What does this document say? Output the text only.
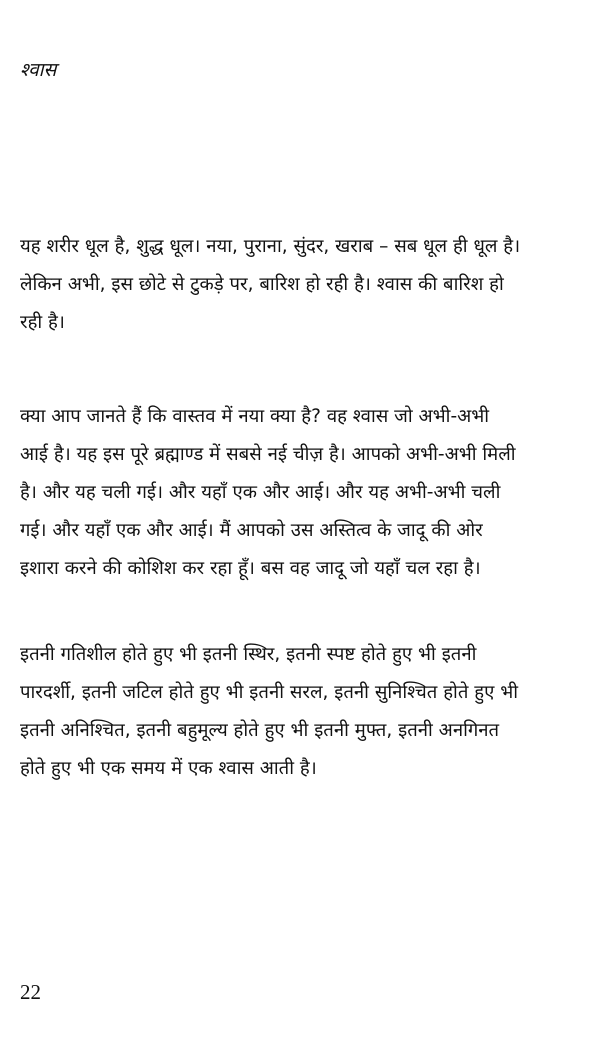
श्वास
यह शरीर धूल है, शुद्ध धूल। नया, पुराना, सुंदर, खराब – सब धूल ही धूल है।
लेकिन अभी, इस छोटे से टुकड़े पर, बारिश हो रही है। श्वास की बारिश हो
रही है।
क्या आप जानते हैं कि वास्तव में नया क्या है? वह श्वास जो अभी-अभी
आई है। यह इस पूरे ब्रह्माण्ड में सबसे नई चीज़ है। आपको अभी-अभी मिली
है। और यह चली गई। और यहाँ एक और आई। और यह अभी-अभी चली
गई। और यहाँ एक और आई। मैं आपको उस अस्तित्व के जादू की ओर
इशारा करने की कोशिश कर रहा हूँ। बस वह जादू जो यहाँ चल रहा है।
इतनी गतिशील होते हुए भी इतनी स्थिर, इतनी स्पष्ट होते हुए भी इतनी
पारदर्शी, इतनी जटिल होते हुए भी इतनी सरल, इतनी सुनिश्चित होते हुए भी
इतनी अनिश्चित, इतनी बहुमूल्य होते हुए भी इतनी मुफ्त, इतनी अनगिनत
होते हुए भी एक समय में एक श्वास आती है।
22
